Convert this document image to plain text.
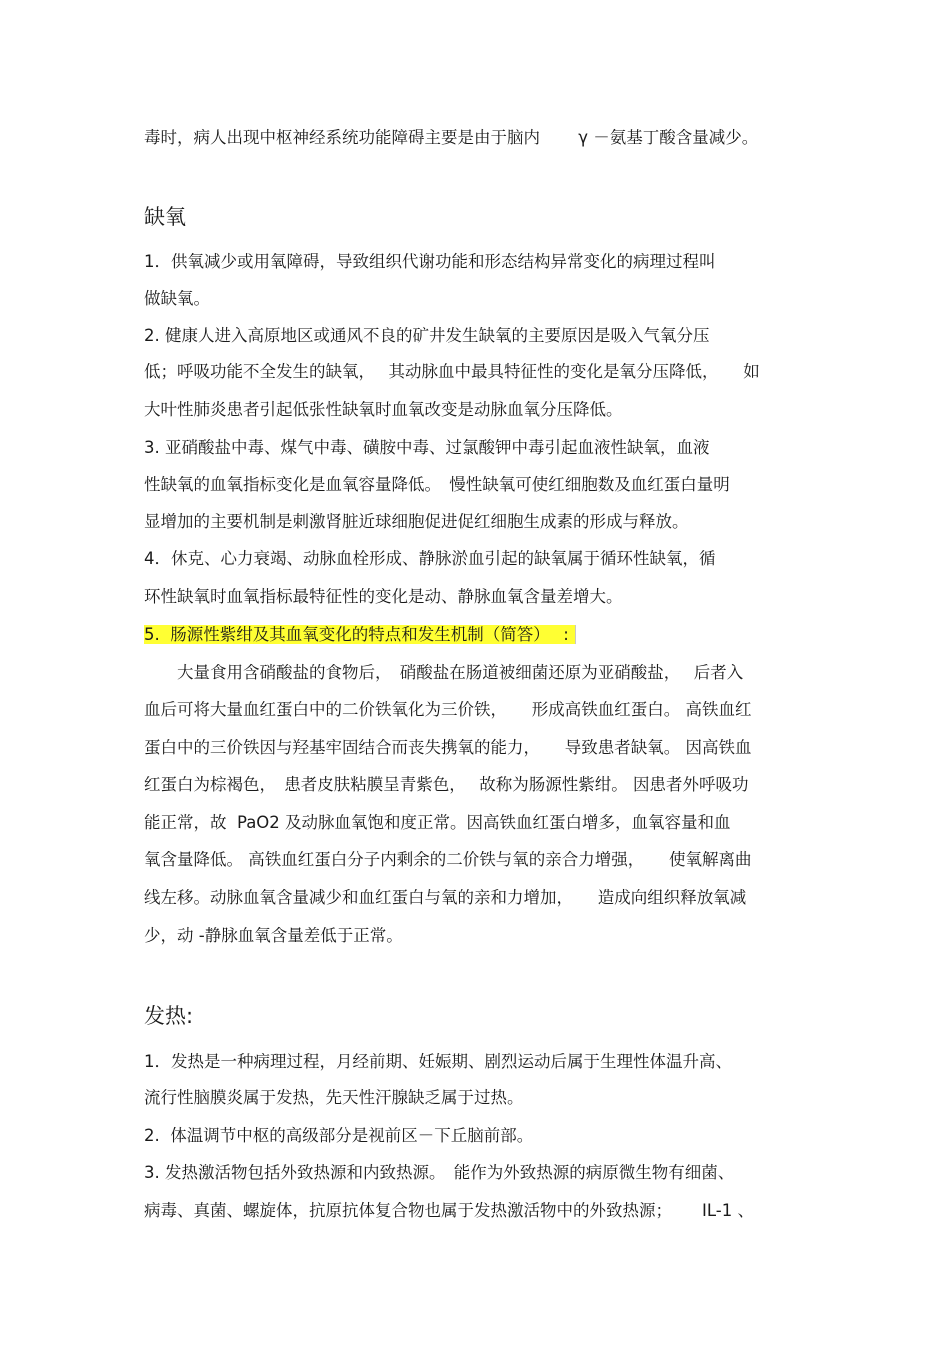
毒时，病人出现中枢神经系统功能障碍主要是由于脑内 　　γ －氨基丁酸含量减少。
缺氧
1．供氧减少或用氧障碍，导致组织代谢功能和形态结构异常变化的病理过程叫
做缺氧。
2. 健康人进入高原地区或通风不良的矿井发生缺氧的主要原因是吸入气氧分压
低；呼吸功能不全发生的缺氧，　 其动脉血中最具特征性的变化是氧分压降低，　　如
大叶性肺炎患者引起低张性缺氧时血氧改变是动脉血氧分压降低。
3. 亚硝酸盐中毒、煤气中毒、磺胺中毒、过氯酸钾中毒引起血液性缺氧，血液
性缺氧的血氧指标变化是血氧容量降低。　慢性缺氧可使红细胞数及血红蛋白量明
显增加的主要机制是刺激肾脏近球细胞促进促红细胞生成素的形成与释放。
4．休克、心力衰竭、动脉血栓形成、静脉淤血引起的缺氧属于循环性缺氧，循
环性缺氧时血氧指标最特征性的变化是动、静脉血氧含量差增大。
5.  肠源性紫绀及其血氧变化的特点和发生机制（简答）　 :
　　大量食用含硝酸盐的食物后，　硝酸盐在肠道被细菌还原为亚硝酸盐，　 后者入
血后可将大量血红蛋白中的二价铁氧化为三价铁，　　形成高铁血红蛋白。 高铁血红
蛋白中的三价铁因与羟基牢固结合而丧失携氧的能力，　　导致患者缺氧。 因高铁血
红蛋白为棕褐色，　患者皮肤粘膜呈青紫色，　 故称为肠源性紫绀。 因患者外呼吸功
能正常，故  PaO2 及动脉血氧饱和度正常。因高铁血红蛋白增多，血氧容量和血
氧含量降低。 高铁血红蛋白分子内剩余的二价铁与氧的亲合力增强，　　使氧解离曲
线左移。动脉血氧含量减少和血红蛋白与氧的亲和力增加，　　造成向组织释放氧减
少，动 -静脉血氧含量差低于正常。
发热:
1．发热是一种病理过程，月经前期、妊娠期、剧烈运动后属于生理性体温升高、
流行性脑膜炎属于发热，先天性汗腺缺乏属于过热。
2.  体温调节中枢的高级部分是视前区－下丘脑前部。
3. 发热激活物包括外致热源和内致热源。　能作为外致热源的病原微生物有细菌、
病毒、真菌、螺旋体，抗原抗体复合物也属于发热激活物中的外致热源；　　 IL-1 、
